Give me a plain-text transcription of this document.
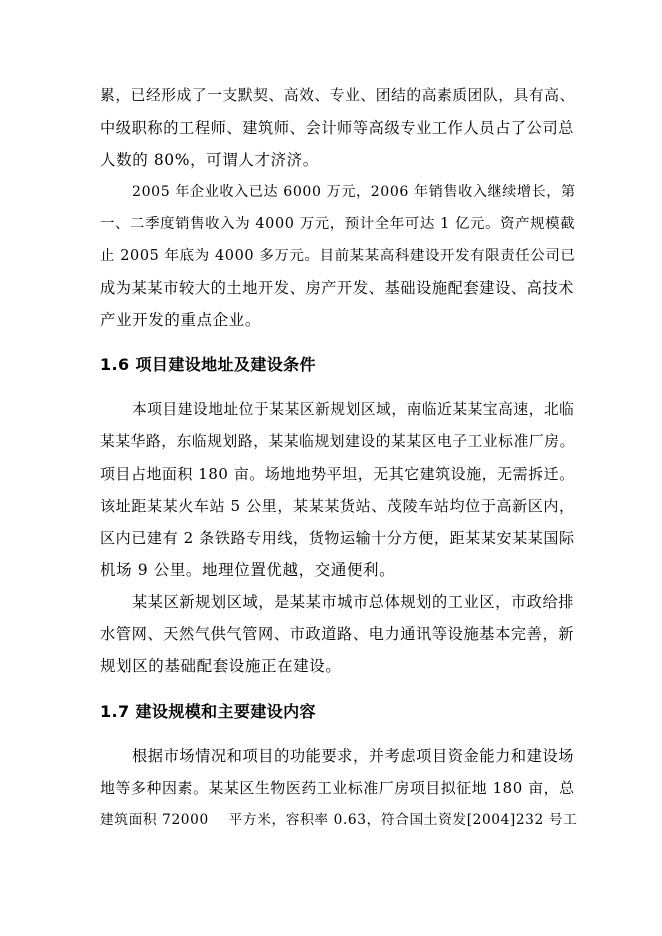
累，已经形成了一支默契、高效、专业、团结的高素质团队，具有高、
中级职称的工程师、建筑师、会计师等高级专业工作人员占了公司总
人数的 80%，可谓人才济济。
2005 年企业收入已达 6000 万元，2006 年销售收入继续增长，第
一、二季度销售收入为 4000 万元，预计全年可达 1 亿元。资产规模截
止 2005 年底为 4000 多万元。目前某某高科建设开发有限责任公司已
成为某某市较大的土地开发、房产开发、基础设施配套建设、高技术
产业开发的重点企业。
1.6 项目建设地址及建设条件
本项目建设地址位于某某区新规划区域，南临近某某宝高速，北临
某某华路，东临规划路，某某临规划建设的某某区电子工业标准厂房。
项目占地面积 180 亩。场地地势平坦，无其它建筑设施，无需拆迁。
该址距某某火车站 5 公里，某某某货站、茂陵车站均位于高新区内，
区内已建有 2 条铁路专用线，货物运输十分方便，距某某安某某国际
机场 9 公里。地理位置优越，交通便利。
某某区新规划区域，是某某市城市总体规划的工业区，市政给排
水管网、天然气供气管网、市政道路、电力通讯等设施基本完善，新
规划区的基础配套设施正在建设。
1.7 建设规模和主要建设内容
根据市场情况和项目的功能要求，并考虑项目资金能力和建设场
地等多种因素。某某区生物医药工业标准厂房项目拟征地 180 亩，总
建筑面积 72000    平方米，容积率 0.63，符合国土资发[2004]232 号工
